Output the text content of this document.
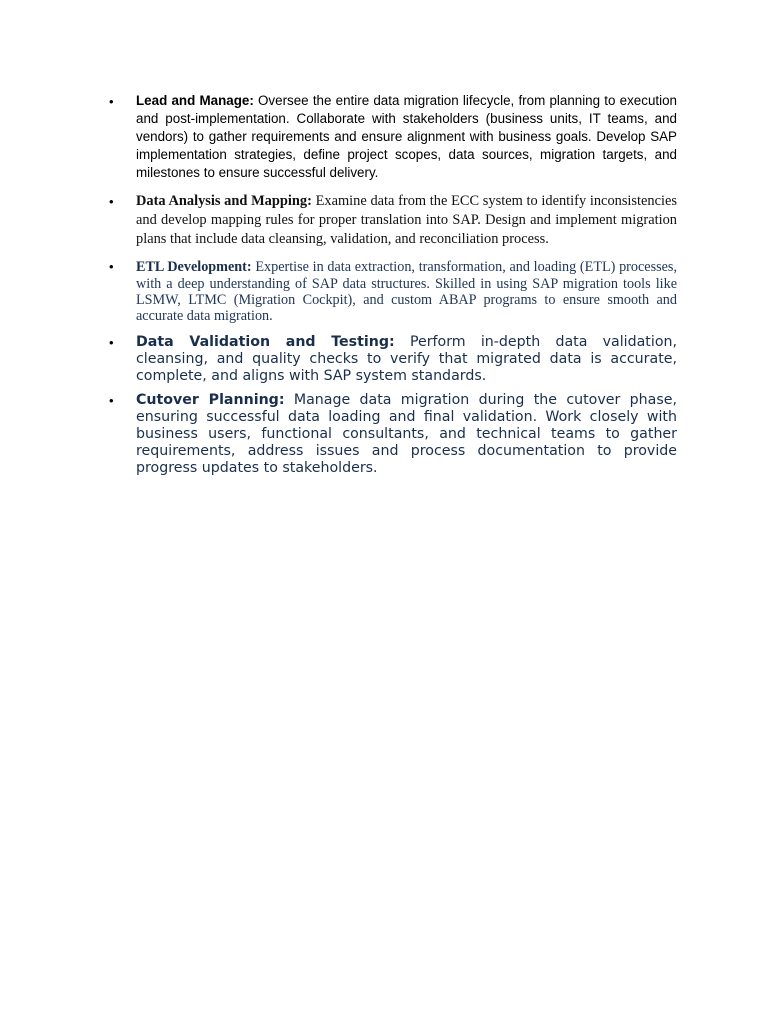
• Lead and Manage: Oversee the entire data migration lifecycle, from planning to execution and post-implementation. Collaborate with stakeholders (business units, IT teams, and vendors) to gather requirements and ensure alignment with business goals. Develop SAP implementation strategies, define project scopes, data sources, migration targets, and milestones to ensure successful delivery.
• Data Analysis and Mapping: Examine data from the ECC system to identify inconsistencies and develop mapping rules for proper translation into SAP. Design and implement migration plans that include data cleansing, validation, and reconciliation process.
• ETL Development: Expertise in data extraction, transformation, and loading (ETL) processes, with a deep understanding of SAP data structures. Skilled in using SAP migration tools like LSMW, LTMC (Migration Cockpit), and custom ABAP programs to ensure smooth and accurate data migration.
• Data Validation and Testing: Perform in-depth data validation, cleansing, and quality checks to verify that migrated data is accurate, complete, and aligns with SAP system standards.
• Cutover Planning: Manage data migration during the cutover phase, ensuring successful data loading and final validation. Work closely with business users, functional consultants, and technical teams to gather requirements, address issues and process documentation to provide progress updates to stakeholders.
